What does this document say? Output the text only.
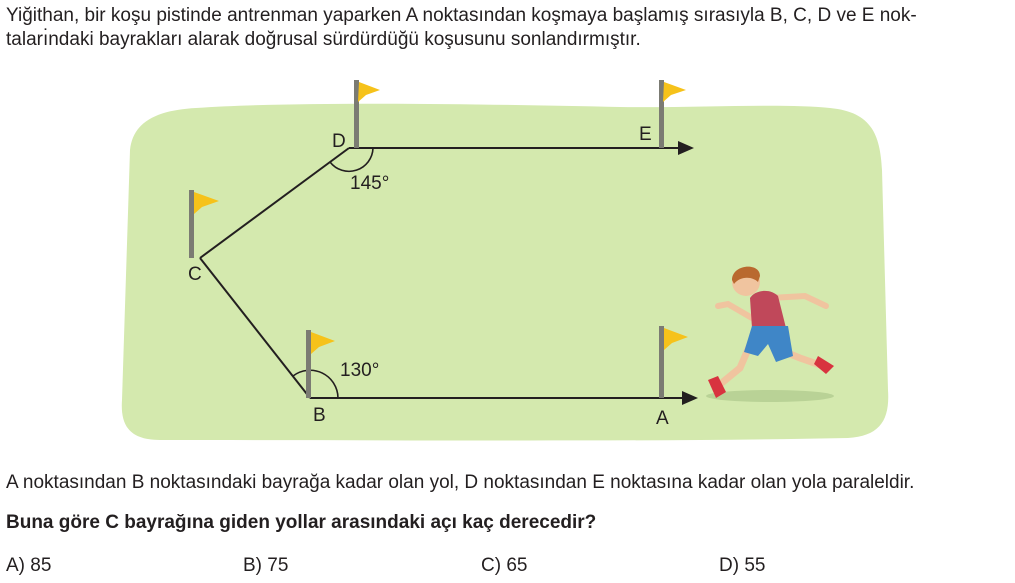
Yiğithan, bir koşu pistinde antrenman yaparken A noktasından koşmaya başlamış sırasıyla B, C, D ve E nok-
taları̇ndaki bayrakları alarak doğrusal sürdürdüğü koşusunu sonlandırmıştır.

D	E
C
B	A
145°
130°

A noktasından B noktasındaki bayrağa kadar olan yol, D noktasından E noktasına kadar olan yola paraleldir.

Buna göre C bayrağına giden yollar arasındaki açı kaç derecedir?

A) 85	B) 75	C) 65	D) 55
